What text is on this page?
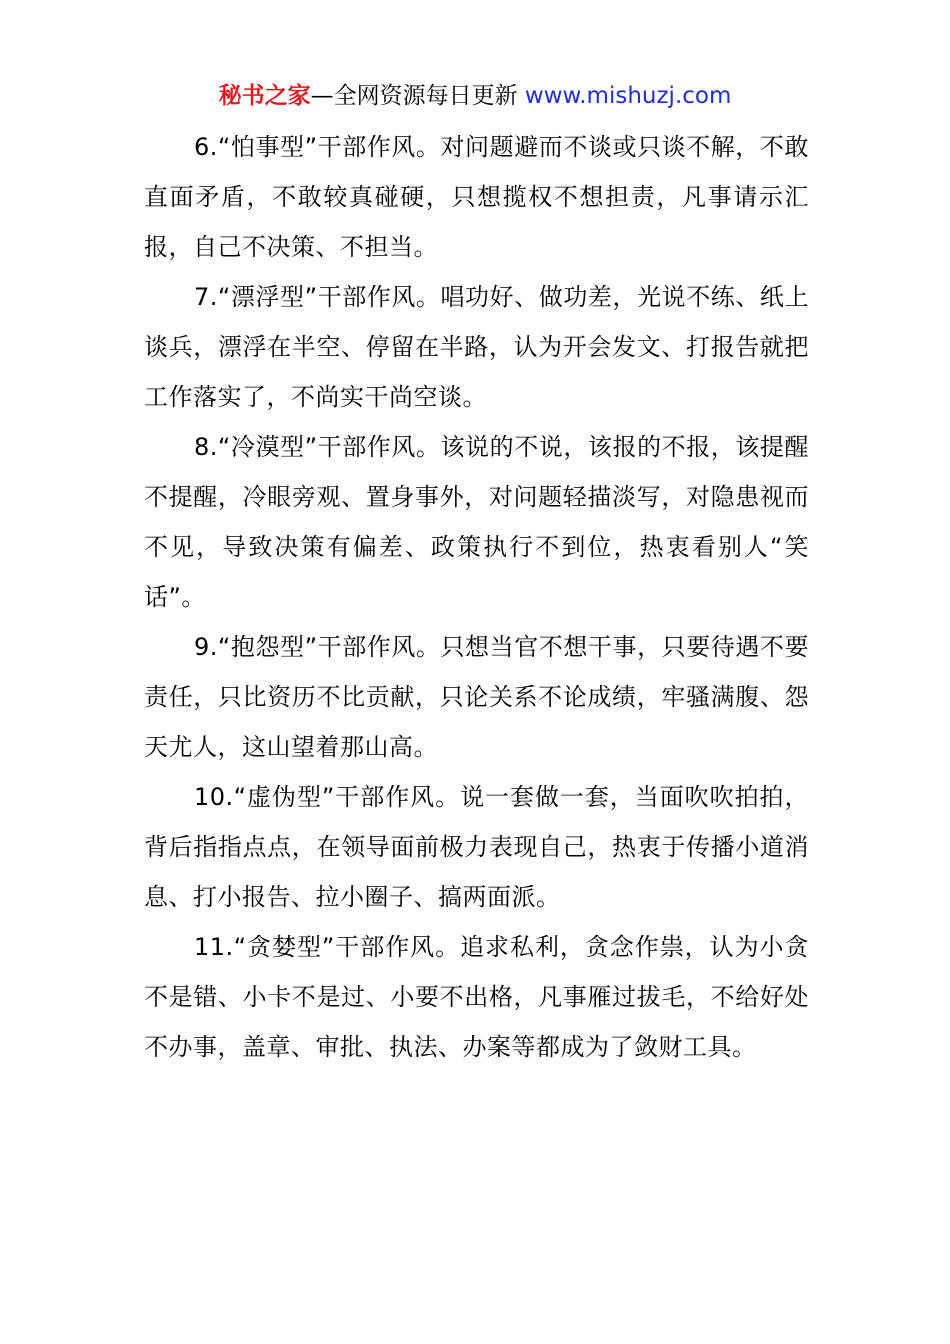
秘书之家—全网资源每日更新 www.mishuzj.com

6.“怕事型”干部作风。对问题避而不谈或只谈不解，不敢直面矛盾，不敢较真碰硬，只想揽权不想担责，凡事请示汇报，自己不决策、不担当。

7.“漂浮型”干部作风。唱功好、做功差，光说不练、纸上谈兵，漂浮在半空、停留在半路，认为开会发文、打报告就把工作落实了，不尚实干尚空谈。

8.“冷漠型”干部作风。该说的不说，该报的不报，该提醒不提醒，冷眼旁观、置身事外，对问题轻描淡写，对隐患视而不见，导致决策有偏差、政策执行不到位，热衷看别人“笑话”。

9.“抱怨型”干部作风。只想当官不想干事，只要待遇不要责任，只比资历不比贡献，只论关系不论成绩，牢骚满腹、怨天尤人，这山望着那山高。

10.“虚伪型”干部作风。说一套做一套，当面吹吹拍拍，背后指指点点，在领导面前极力表现自己，热衷于传播小道消息、打小报告、拉小圈子、搞两面派。

11.“贪婪型”干部作风。追求私利，贪念作祟，认为小贪不是错、小卡不是过、小要不出格，凡事雁过拔毛，不给好处不办事，盖章、审批、执法、办案等都成为了敛财工具。
